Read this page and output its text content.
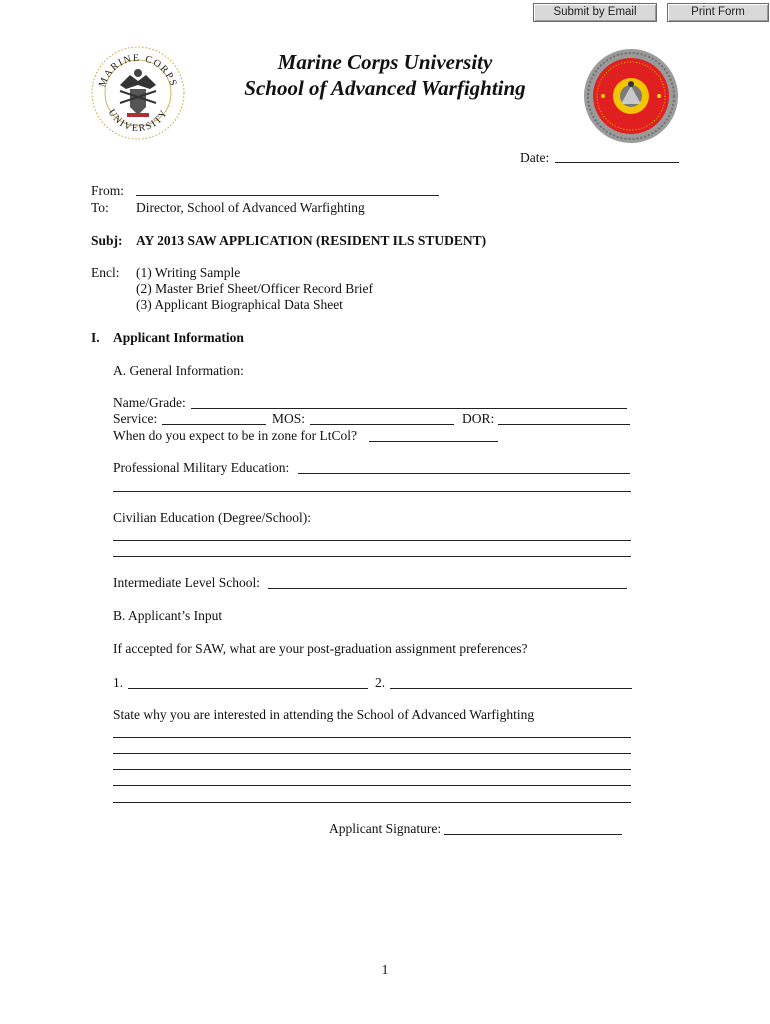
Submit by Email	Print Form
MARINE CORPS
UNIVERSITY
Marine Corps University
School of Advanced Warfighting
Date:
From:
To: Director, School of Advanced Warfighting
Subj: AY 2013 SAW APPLICATION (RESIDENT ILS STUDENT)
Encl: (1) Writing Sample
(2) Master Brief Sheet/Officer Record Brief
(3) Applicant Biographical Data Sheet
I. Applicant Information
A. General Information:
Name/Grade:
Service:	MOS:	DOR:
When do you expect to be in zone for LtCol?
Professional Military Education:
Civilian Education (Degree/School):
Intermediate Level School:
B. Applicant’s Input
If accepted for SAW, what are your post-graduation assignment preferences?
1.	2.
State why you are interested in attending the School of Advanced Warfighting
Applicant Signature:
1
